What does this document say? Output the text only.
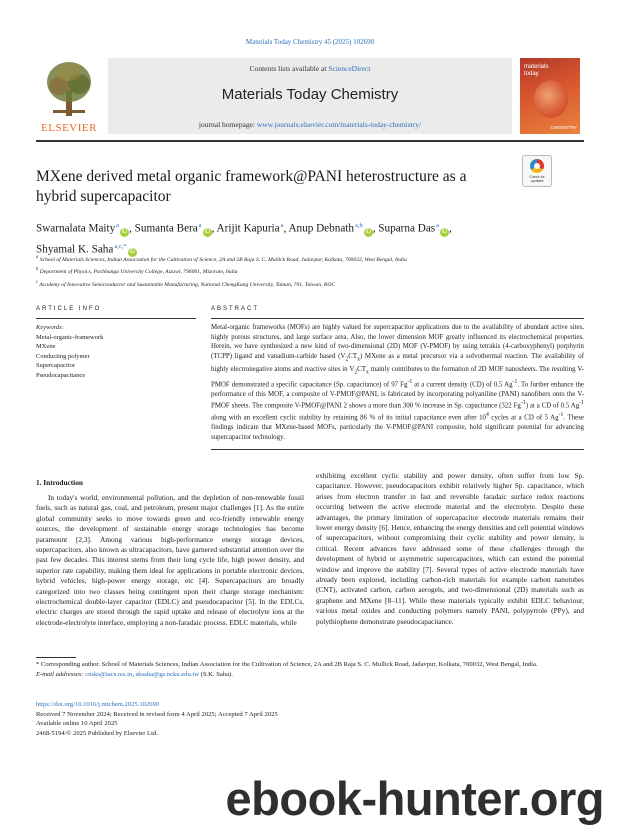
Materials Today Chemistry 45 (2025) 102690
ELSEVIER
Contents lists available at ScienceDirect
Materials Today Chemistry
journal homepage: www.journals.elsevier.com/materials-today-chemistry/
materials today
CHEMISTRY
MXene derived metal organic framework@PANI heterostructure as a hybrid supercapacitor
Check for updates
Swarnalata Maity $^a$iD , Sumanta Bera $^a$iD , Arijit Kapuria $^a$, Anup Debnath $^{a,b}$iD , Suparna Das $^a$iD ,
Shyamal K. Saha $^{a,c,*}$iD
$^a$ School of Materials Sciences, Indian Association for the Cultivation of Science, 2A and 2B Raja S. C. Mullick Road, Jadavpur, Kolkata, 700032, West Bengal, India
$^b$ Department of Physics, Pachhunga University College, Aizawl, 796001, Mizoram, India
$^c$ Academy of Innovative Semiconductor and Sustainable Manufacturing, National ChengKung University, Tainan, 701, Taiwan, ROC
ARTICLE INFO	ABSTRACT
Keywords:
Metal-organic-framework
MXene
Conducting polymer
Supercapacitor
Pseudocapacitance
Metal-organic frameworks (MOFs) are highly valued for supercapacitor applications due to the availability of abundant active sites, highly porous structures, and large surface area. Also, the lower dimension MOF greatly influenced its electrochemical properties. Herein, we have synthesized a new kind of two-dimensional (2D) MOF (V-PMOF) by using tetrakis (4-carboxyphenyl) porphyrin (TCPP) ligand and vanadium-carbide based $(V_2CT_x)$ MXene as a metal precursor via a solvothermal reaction. The availability of highly electronegative atoms and reactive sites in $V_2CT_x$ mainly contributes to the formation of 2D MOF nanosheets. The resulting V-PMOF demonstrated a specific capacitance (Sp. capacitance) of 97 $Fg^{-1}$ at a current density (CD) of 0.5 $Ag^{-1}$. To further enhance the performance of this MOF, a composite of V-PMOF@PANI, is fabricated by incorporating polyaniline (PANI) nanofibers onto the V-PMOF sheets. The composite V-PMOF@PANI 2 shows a more than 300 % increase in Sp. capacitance (322 $Fg^{-1}$) at a CD of 0.5 $Ag^{-1}$ along with an excellent cyclic stability by retaining 86 % of its initial capacitance even after $10^4$ cycles at a CD of 5 $Ag^{-1}$. These findings indicate that MXene-based MOFs, particularly the V-PMOF@PANI composite, hold significant potential for advancing supercapacitor technology.
1. Introduction
In today's world, environmental pollution, and the depletion of non-renewable fossil fuels, such as natural gas, coal, and petroleum, present major challenges [1]. As the entire global community seeks to move towards green and eco-friendly renewable energy sources, the development of sustainable energy storage technologies has become paramount [2,3]. Among various high-performance energy storage devices, supercapacitors, also known as ultracapacitors, have garnered substantial attention over the past few decades. This interest stems from their long cycle life, high power density, and superior rate capability, making them ideal for applications in portable electronic devices, hybrid vehicles, high-power energy storage, etc [4]. Supercapacitors are broadly categorized into two classes being contingent upon their charge storage mechanism: electrochemical double-layer capacitor (EDLC) and pseudocapacitor [5]. In the EDLCs, electric charges are stored through the rapid uptake and release of electrolyte ions at the electrode-electrolyte interface, employing a non-faradaic process. EDLC materials, while
exhibiting excellent cyclic stability and power density, often suffer from low Sp. capacitance. However, pseudocapacitors exhibit relatively higher Sp. capacitance, which arises from electron transfer in fast and reversible faradaic surface redox reactions occurring between the active electrode material and the electrolyte. Despite these advantages, the primary limitation of supercapacitor electrode materials remains their lower energy density [6]. Hence, enhancing the energy densities and cell potential windows of supercapacitors, without compromising their cyclic stability and power density, is critical. Recent advances have addressed some of these challenges through the development of hybrid or asymmetric supercapacitors, which can extend the potential window and improve the stability [7]. Several types of active electrode materials have already been explored, including carbon-rich materials for example carbon nanotubes (CNT), activated carbon, carbon aerogels, and two-dimensional (2D) materials such as graphene and MXene [8–11]. While these materials typically exhibit EDLC behaviour, various metal oxides and conducting polymers namely PANI, polypyrrole (PPy), and polythiophene demonstrate pseudocapacitance.
* Corresponding author. School of Materials Sciences, Indian Association for the Cultivation of Science, 2A and 2B Raja S. C. Mullick Road, Jadavpur, Kolkata, 700032, West Bengal, India.
E-mail addresses: cnsks@iacs.res.in, sksaha@gs.ncku.edu.tw (S.K. Saha).
https://doi.org/10.1016/j.mtchem.2025.102690
Received 7 November 2024; Received in revised form 4 April 2025; Accepted 7 April 2025
Available online 10 April 2025
2468-5194/© 2025 Published by Elsevier Ltd.
ebook-hunter.org
